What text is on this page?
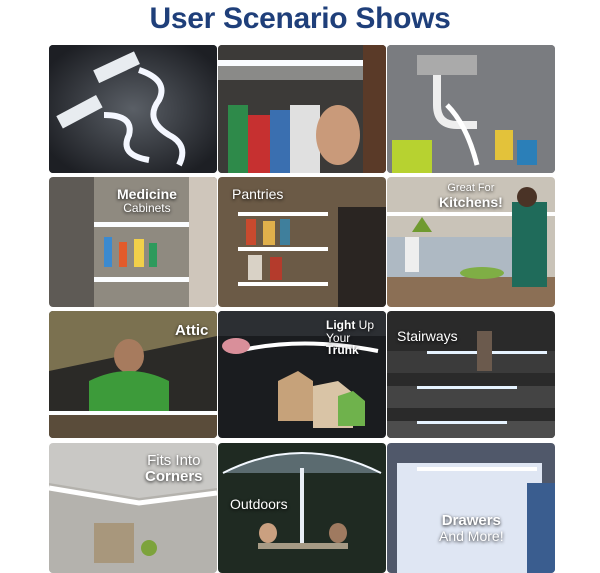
User Scenario Shows
Medicine
Cabinets
Pantries	Great For
Kitchens!
Attic	Light Up
Your Trunk
Stairways
Fits Into
Corners
Outdoors
Drawers
And More!
